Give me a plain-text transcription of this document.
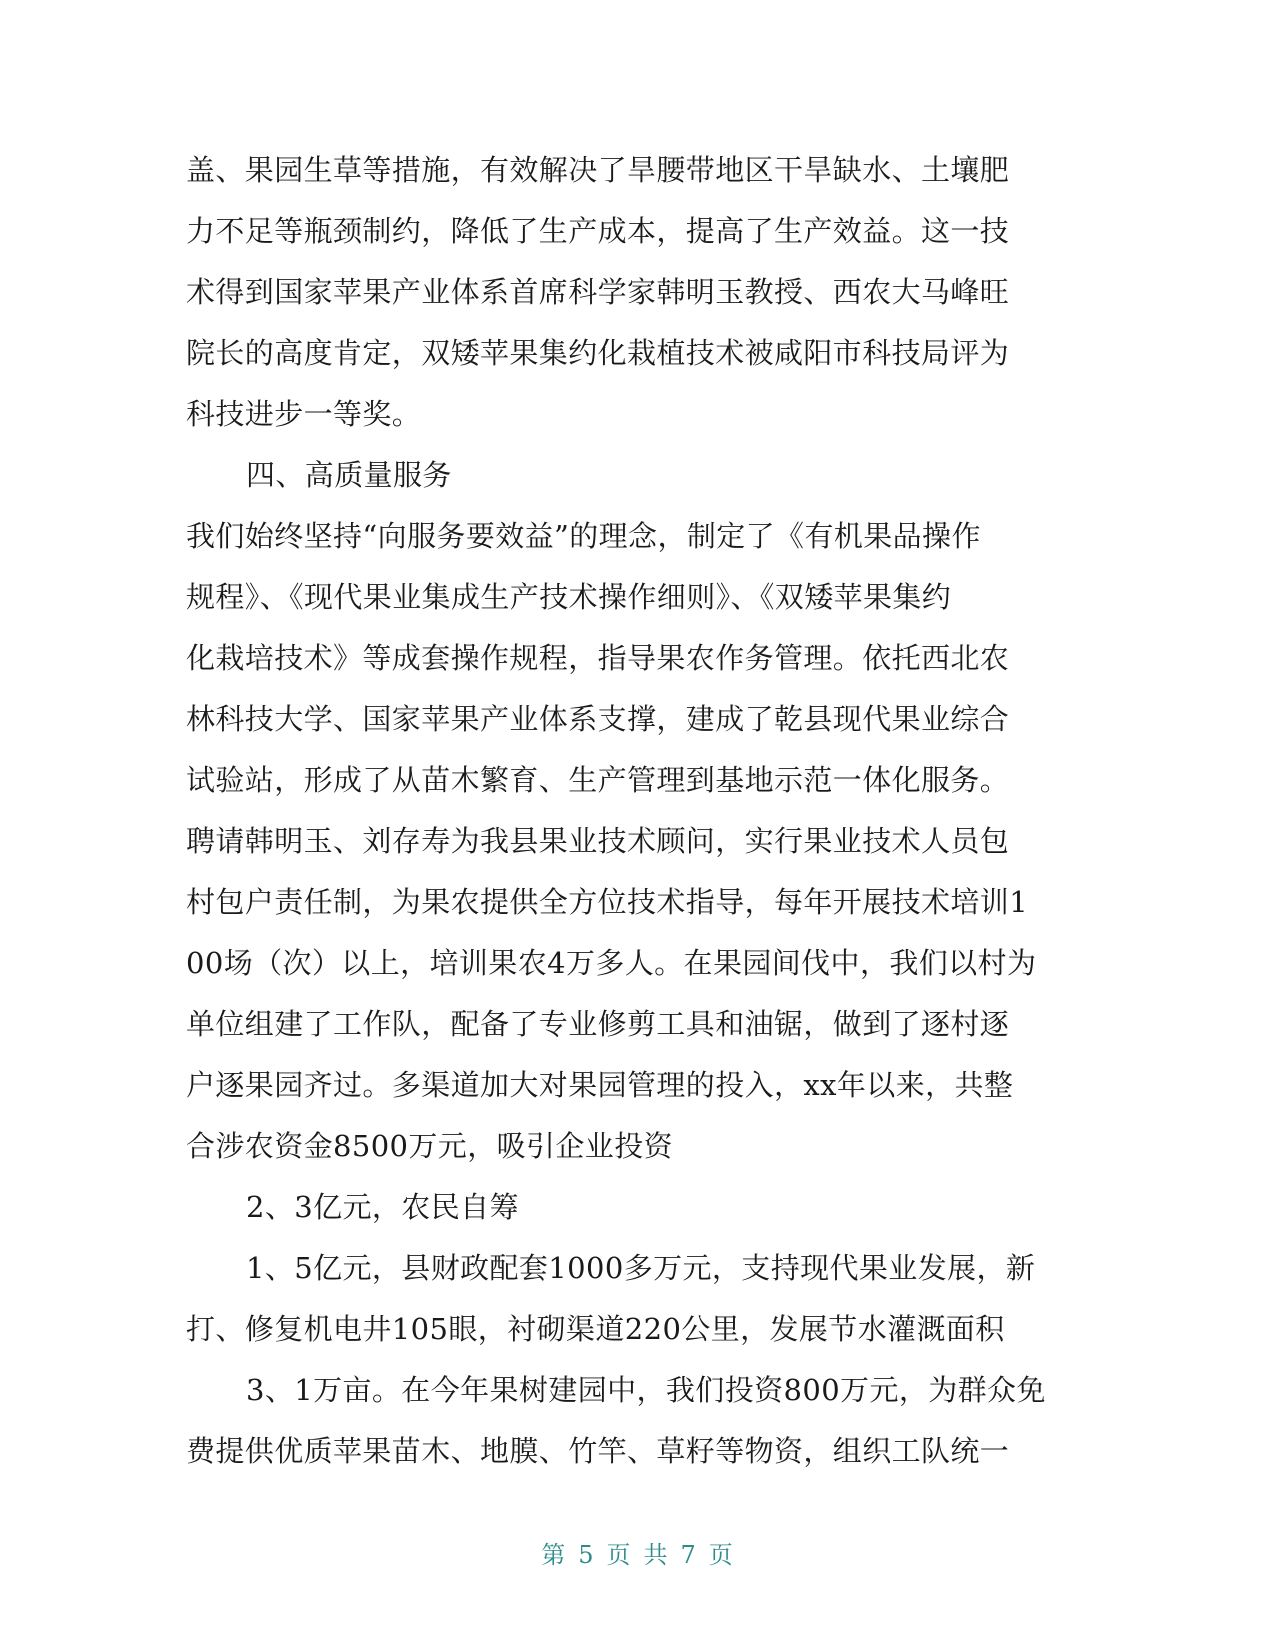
盖、果园生草等措施，有效解决了旱腰带地区干旱缺水、土壤肥
力不足等瓶颈制约，降低了生产成本，提高了生产效益。这一技
术得到国家苹果产业体系首席科学家韩明玉教授、西农大马峰旺
院长的高度肯定，双矮苹果集约化栽植技术被咸阳市科技局评为
科技进步一等奖。
四、高质量服务
我们始终坚持“向服务要效益”的理念，制定了《有机果品操作
规程》、《现代果业集成生产技术操作细则》、《双矮苹果集约
化栽培技术》等成套操作规程，指导果农作务管理。依托西北农
林科技大学、国家苹果产业体系支撑，建成了乾县现代果业综合
试验站，形成了从苗木繁育、生产管理到基地示范一体化服务。
聘请韩明玉、刘存寿为我县果业技术顾问，实行果业技术人员包
村包户责任制，为果农提供全方位技术指导，每年开展技术培训1
00场（次）以上，培训果农4万多人。在果园间伐中，我们以村为
单位组建了工作队，配备了专业修剪工具和油锯，做到了逐村逐
户逐果园齐过。多渠道加大对果园管理的投入，xx年以来，共整
合涉农资金8500万元，吸引企业投资
2、3亿元，农民自筹
1、5亿元，县财政配套1000多万元，支持现代果业发展，新
打、修复机电井105眼，衬砌渠道220公里，发展节水灌溉面积
3、1万亩。在今年果树建园中，我们投资800万元，为群众免
费提供优质苹果苗木、地膜、竹竿、草籽等物资，组织工队统一
第 5 页 共 7 页
